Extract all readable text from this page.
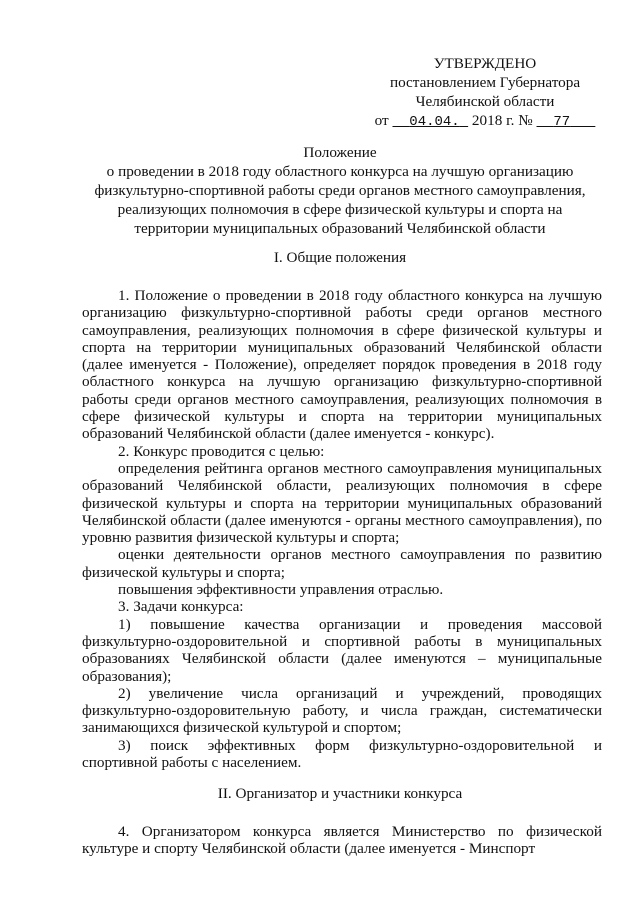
УТВЕРЖДЕНО
постановлением Губернатора
Челябинской области
от 04.04. 2018 г. № 77
Положение
о проведении в 2018 году областного конкурса на лучшую организацию
физкультурно-спортивной работы среди органов местного самоуправления,
реализующих полномочия в сфере физической культуры и спорта на
территории муниципальных образований Челябинской области
I. Общие положения

1. Положение о проведении в 2018 году областного конкурса на лучшую организацию физкультурно-спортивной работы среди органов местного самоуправления, реализующих полномочия в сфере физической культуры и спорта на территории муниципальных образований Челябинской области (далее именуется - Положение), определяет порядок проведения в 2018 году областного конкурса на лучшую организацию физкультурно-спортивной работы среди органов местного самоуправления, реализующих полномочия в сфере физической культуры и спорта на территории муниципальных образований Челябинской области (далее именуется - конкурс).

2. Конкурс проводится с целью:

определения рейтинга органов местного самоуправления муниципальных образований Челябинской области, реализующих полномочия в сфере физической культуры и спорта на территории муниципальных образований Челябинской области (далее именуются - органы местного самоуправления), по уровню развития физической культуры и спорта;

оценки деятельности органов местного самоуправления по развитию физической культуры и спорта;

повышения эффективности управления отраслью.

3. Задачи конкурса:

1) повышение качества организации и проведения массовой физкультурно-оздоровительной и спортивной работы в муниципальных образованиях Челябинской области (далее именуются – муниципальные образования);

2) увеличение числа организаций и учреждений, проводящих физкультурно-оздоровительную работу, и числа граждан, систематически занимающихся физической культурой и спортом;

3) поиск эффективных форм физкультурно-оздоровительной и спортивной работы с населением.

II. Организатор и участники конкурса

4. Организатором конкурса является Министерство по физической культуре и спорту Челябинской области (далее именуется - Минспорт
